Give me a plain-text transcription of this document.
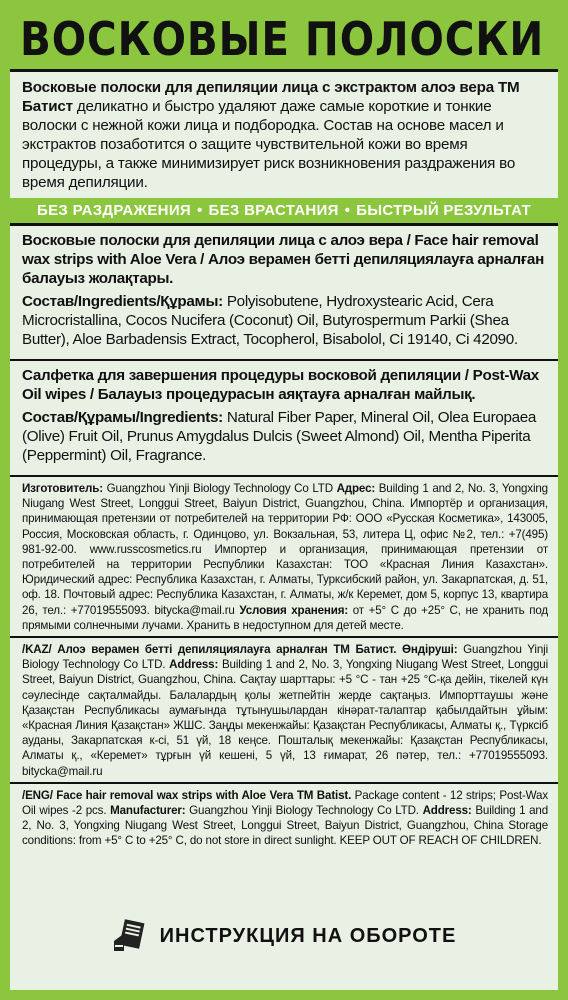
ВОСКОВЫЕ ПОЛОСКИ
Восковые полоски для депиляции лица с экстрактом алоэ вера ТМ Батист деликатно и быстро удаляют даже самые короткие и тонкие волоски с нежной кожи лица и подбородка. Состав на основе масел и экстрактов позаботится о защите чувствительной кожи во время процедуры, а также минимизирует риск возникновения раздражения во время депиляции.
БЕЗ РАЗДРАЖЕНИЯ • БЕЗ ВРАСТАНИЯ • БЫСТРЫЙ РЕЗУЛЬТАТ

Восковые полоски для депиляции лица с алоэ вера / Face hair removal wax strips with Aloe Vera / Алоэ верамен бетті депиляциялауға арналған балауыз жолақтары.

Состав/Ingredients/Құрамы: Polyisobutene, Hydroxystearic Acid, Cera Microcristallina, Cocos Nucifera (Coconut) Oil, Butyrospermum Parkii (Shea Butter), Aloe Barbadensis Extract, Tocopherol, Bisabolol, Ci 19140, Ci 42090.

Салфетка для завершения процедуры восковой депиляции / Post-Wax Oil wipes / Балауыз процедурасын аяқтауға арналған майлық.

Состав/Құрамы/Ingredients: Natural Fiber Paper, Mineral Oil, Olea Europaea (Olive) Fruit Oil, Prunus Amygdalus Dulcis (Sweet Almond) Oil, Mentha Piperita (Peppermint) Oil, Fragrance.

Изготовитель: Guangzhou Yinji Biology Technology Co LTD Адрес: Building 1 and 2, No. 3, Yongxing Niugang West Street, Longgui Street, Baiyun District, Guangzhou, China. Импортёр и организация, принимающая претензии от потребителей на территории РФ: ООО «Русская Косметика», 143005, Россия, Московская область, г. Одинцово, ул. Вокзальная, 53, литера Ц, офис №2, тел.: +7(495) 981-92-00. www.russcosmetics.ru Импортер и организация, принимающая претензии от потребителей на территории Республики Казахстан: ТОО «Красная Линия Казахстан». Юридический адрес: Республика Казахстан, г. Алматы, Турксибский район, ул. Закарпатская, д. 51, оф. 18. Почтовый адрес: Республика Казахстан, г. Алматы, ж/к Керемет, дом 5, корпус 13, квартира 26, тел.: +77019555093. bitycka@mail.ru Условия хранения: от +5° С до +25° С, не хранить под прямыми солнечными лучами. Хранить в недоступном для детей месте.
/KAZ/ Алоэ верамен бетті депиляциялауға арналған ТМ Батист. Өндіруші: Guangzhou Yinji Biology Technology Co LTD. Address: Building 1 and 2, No. 3, Yongxing Niugang West Street, Longgui Street, Baiyun District, Guangzhou, China. Сақтау шарттары: +5 °C - тан +25 °C-қа дейін, тікелей күн сәулесінде сақталмайды. Балалардың қолы жетпейтін жерде сақтаңыз. Импорттаушы және Қазақстан Республикасы аумағында тұтынушылардан кінәрат-талаптар қабылдайтын ұйым: «Красная Линия Қазақстан» ЖШС. Заңды мекенжайы: Қазақстан Республикасы, Алматы қ., Түрксіб ауданы, Закарпатская к-сі, 51 үй, 18 кеңсе. Пошталық мекенжайы: Қазақстан Республикасы, Алматы қ., «Керемет» тұрғын үй кешені, 5 үй, 13 ғимарат, 26 пәтер, тел.: +77019555093. bitycka@mail.ru
/ENG/ Face hair removal wax strips with Aloe Vera TM Batist. Package content - 12 strips; Post-Wax Oil wipes -2 pcs. Manufacturer: Guangzhou Yinji Biology Technology Co LTD. Address: Building 1 and 2, No. 3, Yongxing Niugang West Street, Longgui Street, Baiyun District, Guangzhou, China Storage conditions: from +5° C to +25° C, do not store in direct sunlight. KEEP OUT OF REACH OF CHILDREN.
ИНСТРУКЦИЯ НА ОБОРОТЕ
